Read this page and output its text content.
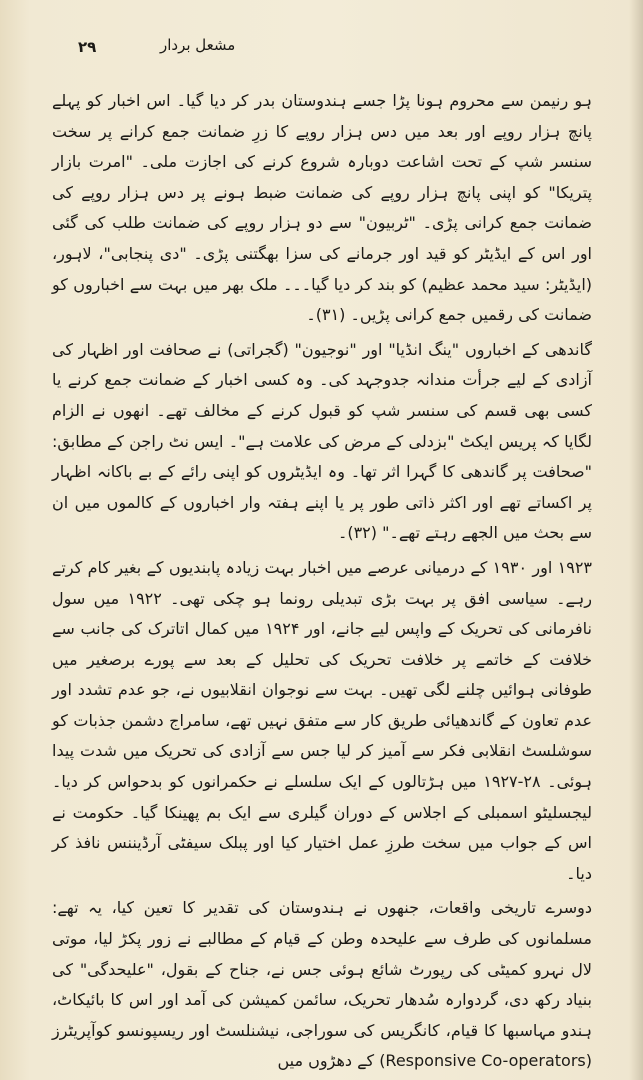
۲۹	مشعل بردار

ہو رنیمن سے محروم ہونا پڑا جسے ہندوستان بدر کر دیا گیا۔ اس اخبار کو پہلے پانچ ہزار روپے اور بعد میں دس ہزار روپے کا زرِ ضمانت جمع کرانے پر سخت سنسر شپ کے تحت اشاعت دوبارہ شروع کرنے کی اجازت ملی۔ "امرت بازار پتریکا" کو اپنی پانچ ہزار روپے کی ضمانت ضبط ہونے پر دس ہزار روپے کی ضمانت جمع کرانی پڑی۔ "ٹربیون" سے دو ہزار روپے کی ضمانت طلب کی گئی اور اس کے ایڈیٹر کو قید اور جرمانے کی سزا بھگتنی پڑی۔ "دی پنجابی"، لاہور، (ایڈیٹر: سید محمد عظیم) کو بند کر دیا گیا۔۔۔ ملک بھر میں بہت سے اخباروں کو ضمانت کی رقمیں جمع کرانی پڑیں۔ (۳۱)۔

گاندھی کے اخباروں "ینگ انڈیا" اور "نوجیون" (گجراتی) نے صحافت اور اظہار کی آزادی کے لیے جرأت مندانہ جدوجہد کی۔ وہ کسی اخبار کے ضمانت جمع کرنے یا کسی بھی قسم کی سنسر شپ کو قبول کرنے کے مخالف تھے۔ انھوں نے الزام لگایا کہ پریس ایکٹ "بزدلی کے مرض کی علامت ہے"۔ ایس نٹ راجن کے مطابق: "صحافت پر گاندھی کا گہرا اثر تھا۔ وہ ایڈیٹروں کو اپنی رائے کے بے باکانہ اظہار پر اکساتے تھے اور اکثر ذاتی طور پر یا اپنے ہفتہ وار اخباروں کے کالموں میں ان سے بحث میں الجھے رہتے تھے۔" (۳۲)۔

۱۹۲۳ اور ۱۹۳۰ کے درمیانی عرصے میں اخبار بہت زیادہ پابندیوں کے بغیر کام کرتے رہے۔ سیاسی افق پر بہت بڑی تبدیلی رونما ہو چکی تھی۔ ۱۹۲۲ میں سول نافرمانی کی تحریک کے واپس لیے جانے، اور ۱۹۲۴ میں کمال اتاترک کی جانب سے خلافت کے خاتمے پر خلافت تحریک کی تحلیل کے بعد سے پورے برصغیر میں طوفانی ہوائیں چلنے لگی تھیں۔ بہت سے نوجوان انقلابیوں نے، جو عدم تشدد اور عدم تعاون کے گاندھیائی طریق کار سے متفق نہیں تھے، سامراج دشمن جذبات کو سوشلسٹ انقلابی فکر سے آمیز کر لیا جس سے آزادی کی تحریک میں شدت پیدا ہوئی۔ ۲۸-۱۹۲۷ میں ہڑتالوں کے ایک سلسلے نے حکمرانوں کو بدحواس کر دیا۔ لیجسلیٹو اسمبلی کے اجلاس کے دوران گیلری سے ایک بم پھینکا گیا۔ حکومت نے اس کے جواب میں سخت طرزِ عمل اختیار کیا اور پبلک سیفٹی آرڈیننس نافذ کر دیا۔

دوسرے تاریخی واقعات، جنھوں نے ہندوستان کی تقدیر کا تعین کیا، یہ تھے: مسلمانوں کی طرف سے علیحدہ وطن کے قیام کے مطالبے نے زور پکڑ لیا، موتی لال نہرو کمیٹی کی رپورٹ شائع ہوئی جس نے، جناح کے بقول، "علیحدگی" کی بنیاد رکھ دی، گردوارہ سُدھار تحریک، سائمن کمیشن کی آمد اور اس کا بائیکاٹ، ہندو مہاسبھا کا قیام، کانگریس کی سوراجی، نیشنلسٹ اور ریسپونسو کوآپریٹرز (Responsive Co-operators) کے دھڑوں میں
